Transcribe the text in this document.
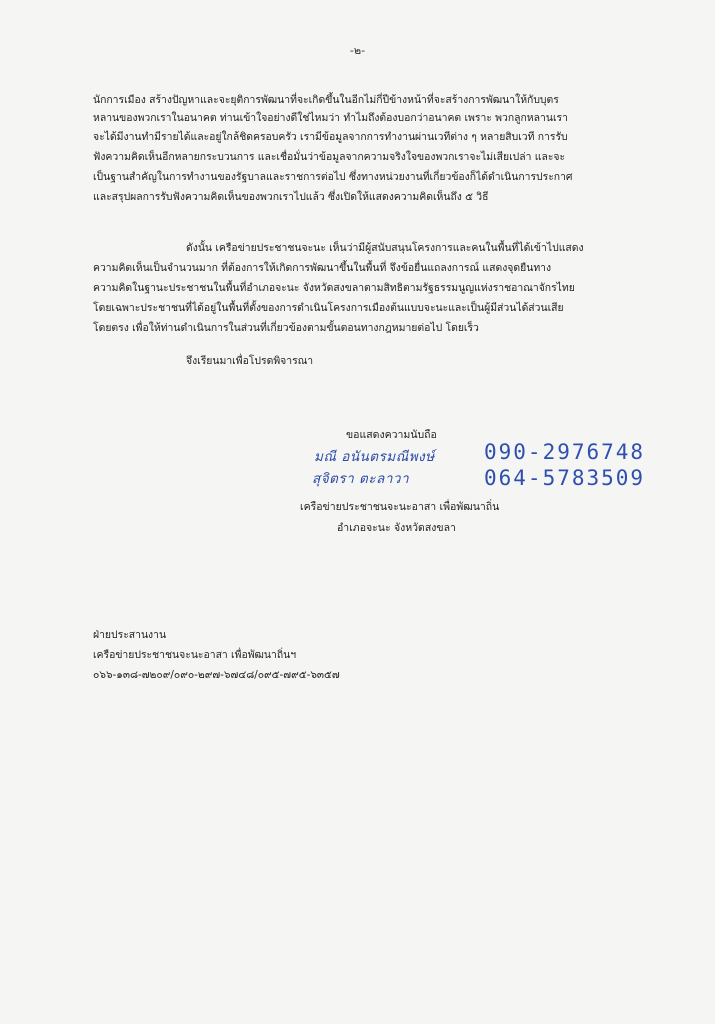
-๒-
นักการเมือง สร้างปัญหาและจะยุติการพัฒนาที่จะเกิดขึ้นในอีกไม่กี่ปีข้างหน้าที่จะสร้างการพัฒนาให้กับบุตร
หลานของพวกเราในอนาคต ท่านเข้าใจอย่างดีใช่ไหมว่า ทำไมถึงต้องบอกว่าอนาคต เพราะ พวกลูกหลานเรา
จะได้มีงานทำมีรายได้และอยู่ใกล้ชิดครอบครัว เรามีข้อมูลจากการทำงานผ่านเวทีต่าง ๆ หลายสิบเวที การรับ
ฟังความคิดเห็นอีกหลายกระบวนการ และเชื่อมั่นว่าข้อมูลจากความจริงใจของพวกเราจะไม่เสียเปล่า และจะ
เป็นฐานสำคัญในการทำงานของรัฐบาลและราชการต่อไป ซึ่งทางหน่วยงานที่เกี่ยวข้องก็ได้ดำเนินการประกาศ
และสรุปผลการรับฟังความคิดเห็นของพวกเราไปแล้ว ซึ่งเปิดให้แสดงความคิดเห็นถึง ๕ วิธี
ดังนั้น เครือข่ายประชาชนจะนะ เห็นว่ามีผู้สนับสนุนโครงการและคนในพื้นที่ได้เข้าไปแสดง
ความคิดเห็นเป็นจำนวนมาก ที่ต้องการให้เกิดการพัฒนาขึ้นในพื้นที่ จึงข้อยื่นแถลงการณ์ แสดงจุดยืนทาง
ความคิดในฐานะประชาชนในพื้นที่อำเภอจะนะ จังหวัดสงขลาตามสิทธิตามรัฐธรรมนูญแห่งราชอาณาจักรไทย
โดยเฉพาะประชาชนที่ได้อยู่ในพื้นที่ตั้งของการดำเนินโครงการเมืองต้นแบบจะนะและเป็นผู้มีส่วนได้ส่วนเสีย
โดยตรง เพื่อให้ท่านดำเนินการในส่วนที่เกี่ยวข้องตามขั้นตอนทางกฎหมายต่อไป โดยเร็ว
จึงเรียนมาเพื่อโปรดพิจารณา
ขอแสดงความนับถือ
มณี อนันตรมณีพงษ์ 090-2976748
สุจิตรา ตะลาวา	064-5783509
เครือข่ายประชาชนจะนะอาสา เพื่อพัฒนาถิ่น
อำเภอจะนะ จังหวัดสงขลา
ฝ่ายประสานงาน
เครือข่ายประชาชนจะนะอาสา เพื่อพัฒนาถิ่นฯ
๐๖๖-๑๓๘-๗๒๐๙/๐๙๐-๒๙๗-๖๗๔๘/๐๙๕-๗๙๕-๖๓๕๗
